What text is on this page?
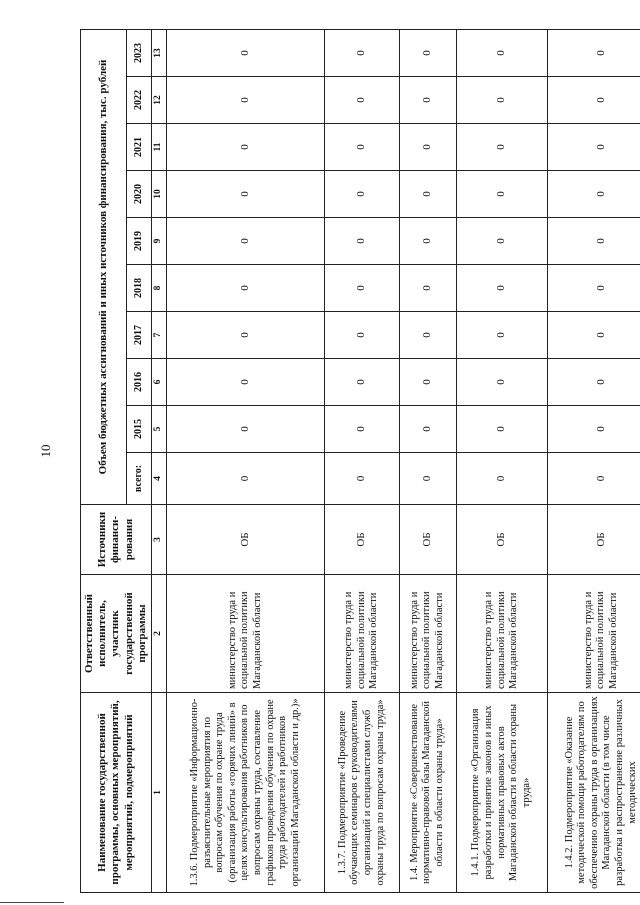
10
Наименование государственной программы, основных мероприятий, мероприятий, подмероприятий	Ответственный исполнитель, участник государственной программы	Источники финанси-рования	Объем бюджетных ассигнований и иных источников финансирования, тыс. рублей									
			всего:	2015	2016	2017	2018	2019	2020	2021	2022	2023
1	2	3	4	5	6	7	8	9	10	11	12	13
1.3.6. Подмероприятие «Информационно-разъяснительные мероприятия по вопросам обучения по охране труда (организация работы «горячих линий» в целях консультирования работников по вопросам охраны труда, составление графиков проведения обучения по охране труда работодателей и работников организаций Магаданской области и др.)»	министерство труда и социальной политики Магаданской области	ОБ	0	0	0	0	0	0	0	0	0	0
1.3.7. Подмероприятие «Проведение обучающих семинаров с руководителями организаций и специалистами служб охраны труда по вопросам охраны труда»	министерство труда и социальной политики Магаданской области	ОБ	0	0	0	0	0	0	0	0	0	0
1.4. Мероприятие «Совершенствование нормативно-правовой базы Магаданской области в области охраны труда»	министерство труда и социальной политики Магаданской области	ОБ	0	0	0	0	0	0	0	0	0	0
1.4.1. Подмероприятие «Организация разработки и принятие законов и иных нормативных правовых актов Магаданской области в области охраны труда»	министерство труда и социальной политики Магаданской области	ОБ	0	0	0	0	0	0	0	0	0	0
1.4.2. Подмероприятие «Оказание методической помощи работодателям по обеспечению охраны труда в организациях Магаданской области (в том числе разработка и распространение различных методических	министерство труда и социальной политики Магаданской области	ОБ	0	0	0	0	0	0	0	0	0	0
